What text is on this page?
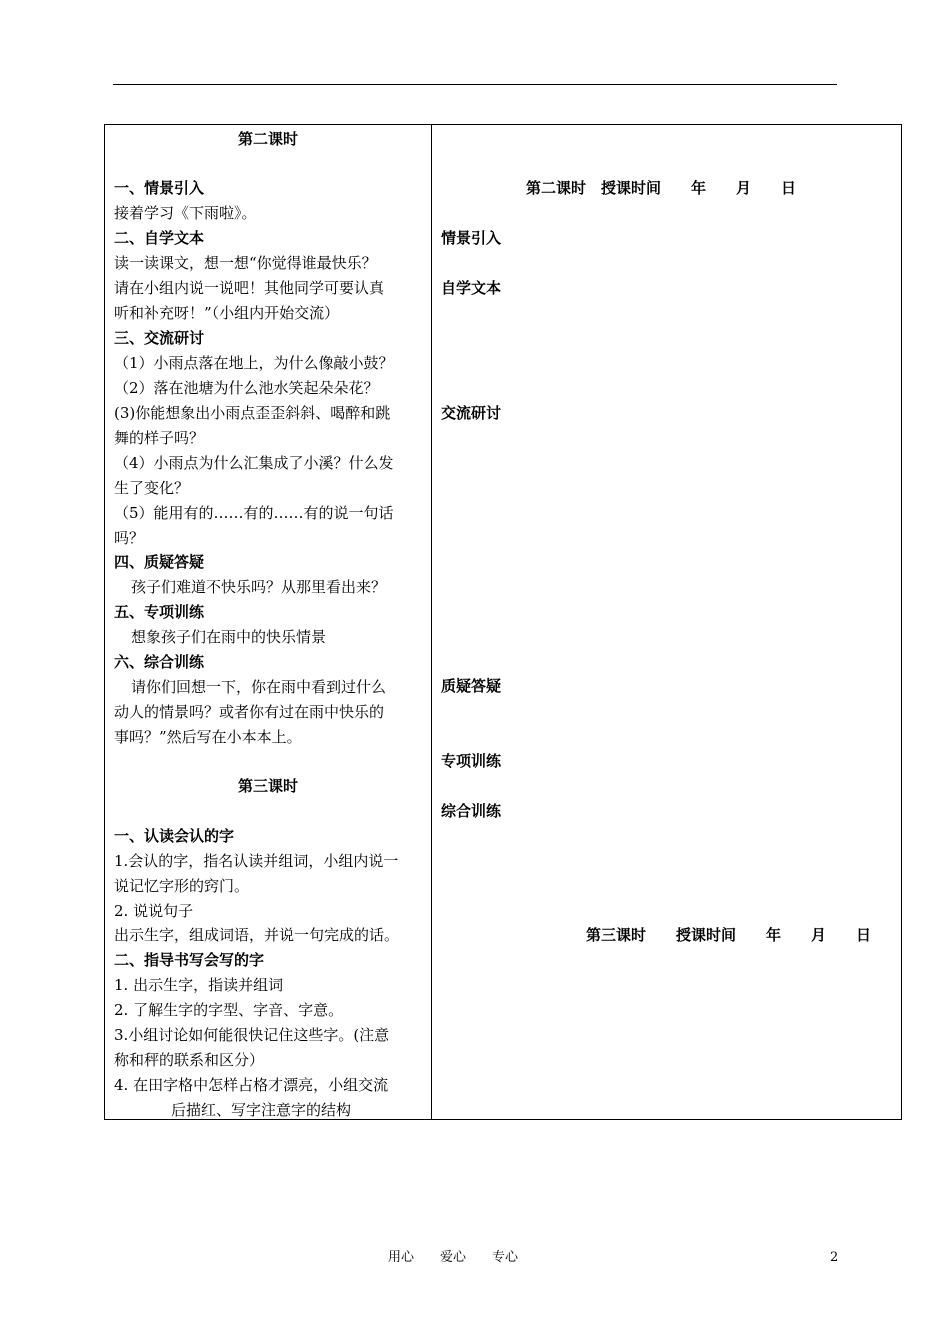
第二课时
一、情景引入
接着学习《下雨啦》。
二、自学文本
读一读课文，想一想“你觉得谁最快乐？
请在小组内说一说吧！其他同学可要认真
听和补充呀！”（小组内开始交流）
三、交流研讨
（1）小雨点落在地上，为什么像敲小鼓？
（2）落在池塘为什么池水笑起朵朵花？
(3)你能想象出小雨点歪歪斜斜、喝醉和跳
舞的样子吗？
（4）小雨点为什么汇集成了小溪？什么发
生了变化？
（5）能用有的……有的……有的说一句话
吗？
四、质疑答疑
孩子们难道不快乐吗？从那里看出来？
五、专项训练
想象孩子们在雨中的快乐情景
六、综合训练
请你们回想一下，你在雨中看到过什么
动人的情景吗？或者你有过在雨中快乐的
事吗？”然后写在小本本上。
第三课时
一、认读会认的字
1.会认的字，指名认读并组词，小组内说一
说记忆字形的窍门。
2. 说说句子
出示生字，组成词语，并说一句完成的话。
二、指导书写会写的字
1. 出示生字，指读并组词
2. 了解生字的字型、字音、字意。
3.小组讨论如何能很快记住这些字。(注意
称和秤的联系和区分）
4. 在田字格中怎样占格才漂亮，小组交流
后描红、写字注意字的结构
第二课时　授课时间　　年　　月　　日
情景引入
自学文本
交流研讨
质疑答疑
专项训练
综合训练
第三课时　　授课时间　　年　　月　　日
用心　　爱心　　专心	2
